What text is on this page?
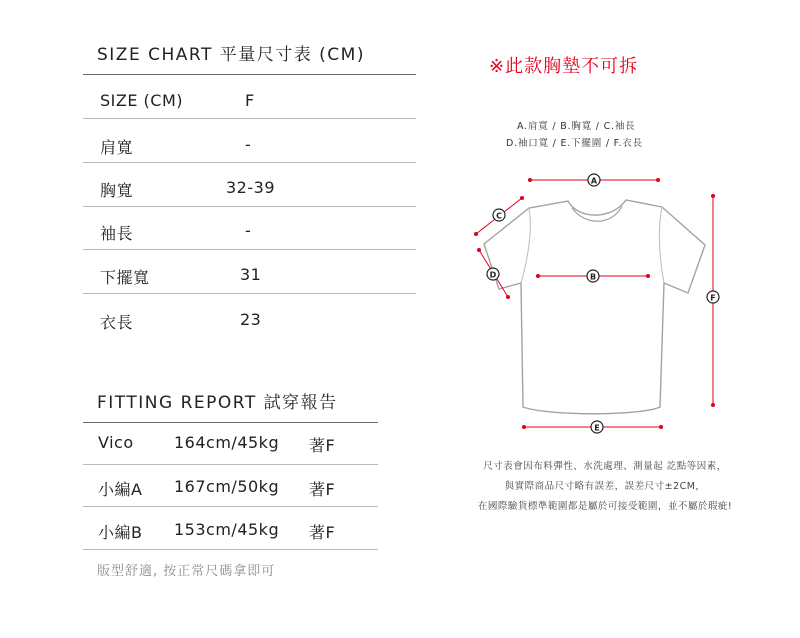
SIZE CHART 平量尺寸表 (CM)
SIZE (CM)	F
肩寬	-
胸寬	32-39
袖長	-
下擺寬	31
衣長	23
FITTING REPORT 試穿報告
Vico	164cm/45kg 著F
小編A 167cm/50kg 著F
小編B 153cm/45kg 著F
版型舒適, 按正常尺碼拿即可
※此款胸墊不可拆
A.肩寬 / B.胸寬 / C.袖長
D.袖口寬 / E.下擺圍 / F.衣長
A
B
C
D
E
F
尺寸表會因布料彈性、水洗處理、測量起 訖點等因素，
與實際商品尺寸略有誤差，誤差尺寸±2CM，
在國際驗貨標準範圍都是屬於可接受範圍，並不屬於瑕疵!
